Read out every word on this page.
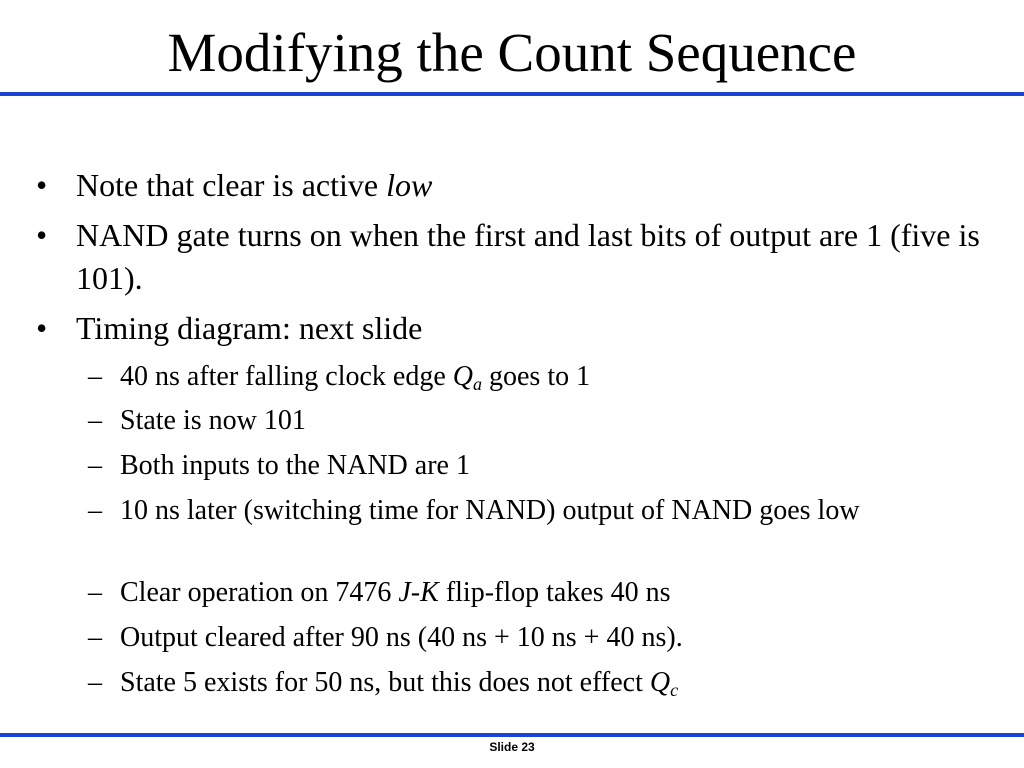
Modifying the Count Sequence
• Note that clear is active low
• NAND gate turns on when the first and last bits of output are 1 (five is 101).
• Timing diagram: next slide
– 40 ns after falling clock edge $Q_a$ goes to 1
– State is now 101
– Both inputs to the NAND are 1
– 10 ns later (switching time for NAND) output of NAND goes low
– Clear operation on 7476 J-K flip-flop takes 40 ns
– Output cleared after 90 ns (40 ns + 10 ns + 40 ns).
– State 5 exists for 50 ns, but this does not effect $Q_c$
Slide 23
